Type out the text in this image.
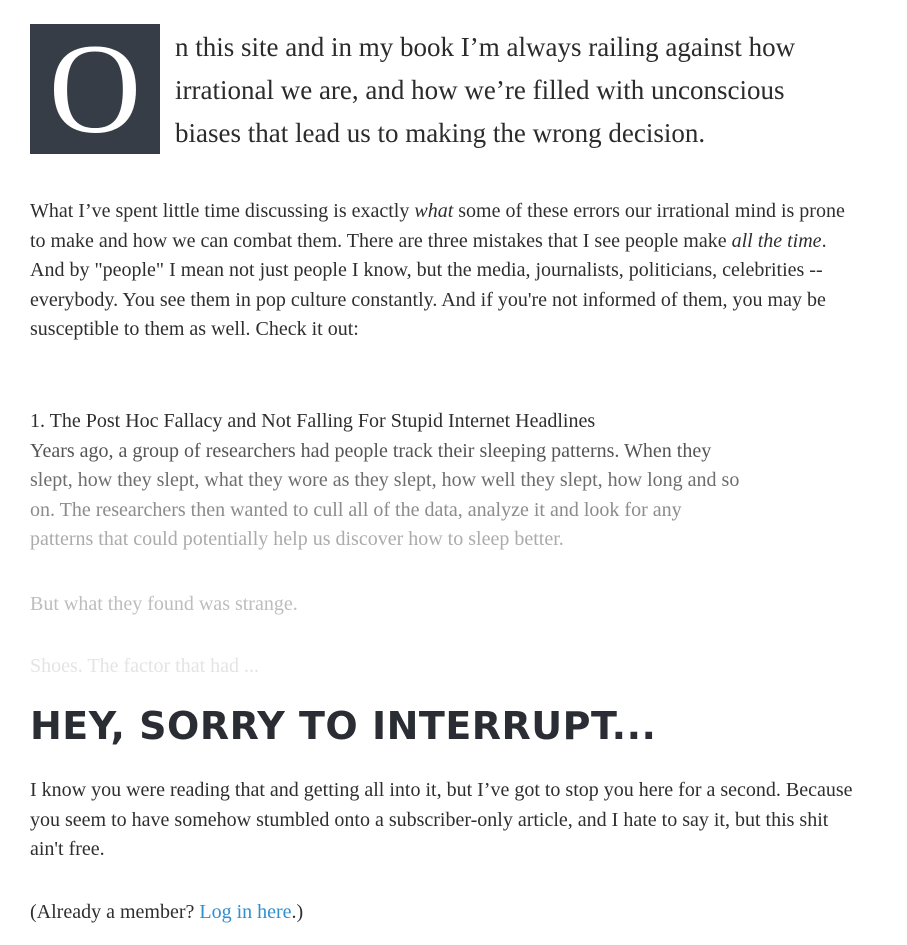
O	n this site and in my book I’m always railing against how
irrational we are, and how we’re filled with unconscious
biases that lead us to making the wrong decision.

What I’ve spent little time discussing is exactly what some of these errors our irrational mind is prone to make and how we can combat them. There are three mistakes that I see people make all the time. And by "people" I mean not just people I know, but the media, journalists, politicians, celebrities -- everybody. You see them in pop culture constantly. And if you're not informed of them, you may be susceptible to them as well. Check it out:

1. The Post Hoc Fallacy and Not Falling For Stupid Internet Headlines
Years ago, a group of researchers had people track their sleeping patterns. When they
slept, how they slept, what they wore as they slept, how well they slept, how long and so
on. The researchers then wanted to cull all of the data, analyze it and look for any
patterns that could potentially help us discover how to sleep better.

But what they found was strange.

Shoes. The factor that had ...

HEY, SORRY TO INTERRUPT...

I know you were reading that and getting all into it, but I’ve got to stop you here for a second. Because you seem to have somehow stumbled onto a subscriber-only article, and I hate to say it, but this shit ain't free.

(Already a member? Log in here.)
